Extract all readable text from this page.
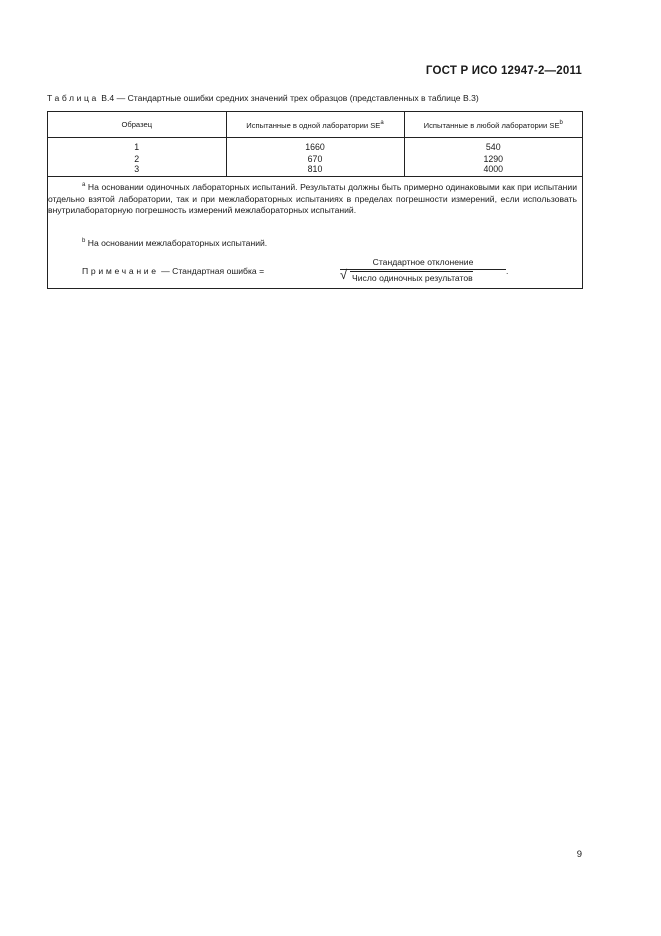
ГОСТ Р ИСО 12947-2—2011
Таблица В.4 — Стандартные ошибки средних значений трех образцов (представленных в таблице В.3)
Образец	Испытанные в одной лаборатории $SE^a$	Испытанные в любой лаборатории $SE^b$
1	1660	540
2	670	1290
3	810	4000

$^a$ На основании одиночных лабораторных испытаний. Результаты должны быть примерно одинаковыми как при испытании отдельно взятой лаборатории, так и при межлабораторных испытаниях в пределах погрешности измерений, если использовать внутрилабораторную погрешность измерений межлабораторных испытаний.

$^b$ На основании межлабораторных испытаний.
Примечание — Стандартная ошибка =
Стандартное отклонение
√ Число одиночных результатов
.
9
